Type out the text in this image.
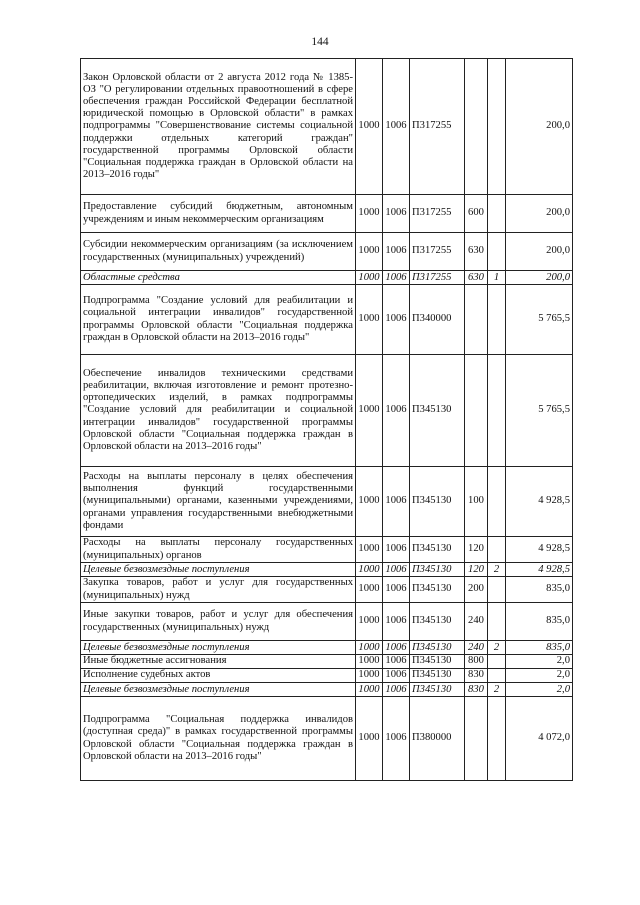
144
Закон Орловской области от 2 августа 2012 года № 1385-ОЗ "О регулировании отдельных правоотношений в сфере обеспечения граждан Российской Федерации бесплатной юридической помощью в Орловской области" в рамках подпрограммы "Совершенствование системы социальной поддержки отдельных категорий граждан" государственной программы Орловской области "Социальная поддержка граждан в Орловской области на 2013–2016 годы"	1000	1006	П317255			200,0
Предоставление субсидий бюджетным, автономным учреждениям и иным некоммерческим организациям	1000	1006	П317255	600		200,0
Субсидии некоммерческим организациям (за исключением государственных (муниципальных) учреждений)	1000	1006	П317255	630		200,0
Областные средства	1000	1006	П317255	630	1	200,0
Подпрограмма "Создание условий для реабилитации и социальной интеграции инвалидов" государственной программы Орловской области "Социальная поддержка граждан в Орловской области на 2013–2016 годы"	1000	1006	П340000			5 765,5
Обеспечение инвалидов техническими средствами реабилитации, включая изготовление и ремонт протезно-ортопедических изделий, в рамках подпрограммы "Создание условий для реабилитации и социальной интеграции инвалидов" государственной программы Орловской области "Социальная поддержка граждан в Орловской области на 2013–2016 годы"	1000	1006	П345130			5 765,5
Расходы на выплаты персоналу в целях обеспечения выполнения функций государственными (муниципальными) органами, казенными учреждениями, органами управления государственными внебюджетными фондами	1000	1006	П345130	100		4 928,5
Расходы на выплаты персоналу государственных (муниципальных) органов	1000	1006	П345130	120		4 928,5
Целевые безвозмездные поступления	1000	1006	П345130	120	2	4 928,5
Закупка товаров, работ и услуг для государственных (муниципальных) нужд	1000	1006	П345130	200		835,0
Иные закупки товаров, работ и услуг для обеспечения государственных (муниципальных) нужд	1000	1006	П345130	240		835,0
Целевые безвозмездные поступления	1000	1006	П345130	240	2	835,0
Иные бюджетные ассигнования	1000	1006	П345130	800		2,0
Исполнение судебных актов	1000	1006	П345130	830		2,0
Целевые безвозмездные поступления	1000	1006	П345130	830	2	2,0
Подпрограмма "Социальная поддержка инвалидов (доступная среда)" в рамках государственной программы Орловской области "Социальная поддержка граждан в Орловской области на 2013–2016 годы"	1000	1006	П380000			4 072,0
